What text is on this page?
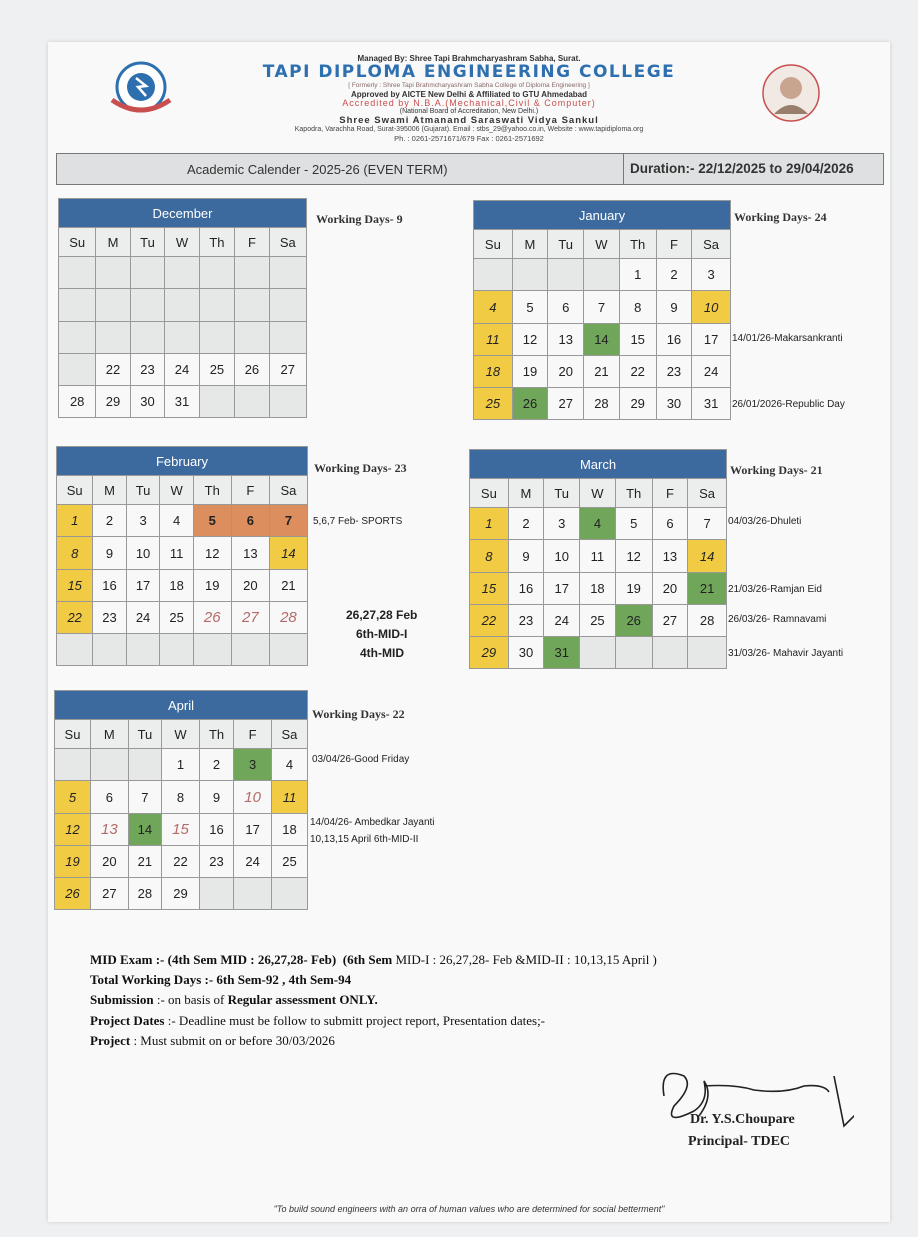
Managed By: Shree Tapi Brahmcharyashram Sabha, Surat.
TAPI DIPLOMA ENGINEERING COLLEGE
[ Formerly : Shree Tapi Brahmcharyashram Sabha College of Diploma Engineering ]
Approved by AICTE New Delhi & Affiliated to GTU Ahmedabad
Accredited by N.B.A.(Mechanical,Civil & Computer)
(National Board of Accreditation, New Delhi.)
Shree Swami Atmanand Saraswati Vidya Sankul
Kapodra, Varachha Road, Surat-395006 (Gujarat). Email : stbs_29@yahoo.co.in, Website : www.tapidiploma.org
Ph. : 0261-2571671/679 Fax : 0261-2571692
Academic Calender - 2025-26 (EVEN TERM)	Duration:- 22/12/2025 to 29/04/2026
December						
Su	M	Tu	W	Th	F	Sa

	22	23	24	25	26	27
28	29	30	31			
Working Days- 9	January						
Su	M	Tu	W	Th	F	Sa
				1	2	3
4	5	6	7	8	9	10
11	12	13	14	15	16	17
18	19	20	21	22	23	24
25	26	27	28	29	30	31
Working Days- 24
14/01/26-Makarsankranti
26/01/2026-Republic Day
February						
Su	M	Tu	W	Th	F	Sa
1	2	3	4	5	6	7
8	9	10	11	12	13	14
15	16	17	18	19	20	21
22	23	24	25	26	27	28

Working Days- 23
5,6,7 Feb- SPORTS
26,27,28 Feb
6th-MID-I
4th-MID
March						
Su	M	Tu	W	Th	F	Sa
1	2	3	4	5	6	7
8	9	10	11	12	13	14
15	16	17	18	19	20	21
22	23	24	25	26	27	28
29	30	31				
Working Days- 21
04/03/26-Dhuleti
21/03/26-Ramjan Eid
26/03/26- Ramnavami
31/03/26- Mahavir Jayanti
April						
Su	M	Tu	W	Th	F	Sa
			1	2	3	4
5	6	7	8	9	10	11
12	13	14	15	16	17	18
19	20	21	22	23	24	25
26	27	28	29			
Working Days- 22
03/04/26-Good Friday
14/04/26- Ambedkar Jayanti
10,13,15 April 6th-MID-II
MID Exam :- (4th Sem MID : 26,27,28- Feb) (6th Sem MID-I : 26,27,28- Feb &MID-II : 10,13,15 April )
Total Working Days :- 6th Sem-92 , 4th Sem-94
Submission :- on basis of Regular assessment ONLY.
Project Dates :- Deadline must be follow to submitt project report, Presentation dates;-
Project : Must submit on or before 30/03/2026
Dr. Y.S.Choupare
Principal- TDEC
"To build sound engineers with an orra of human values who are determined for social betterment"
